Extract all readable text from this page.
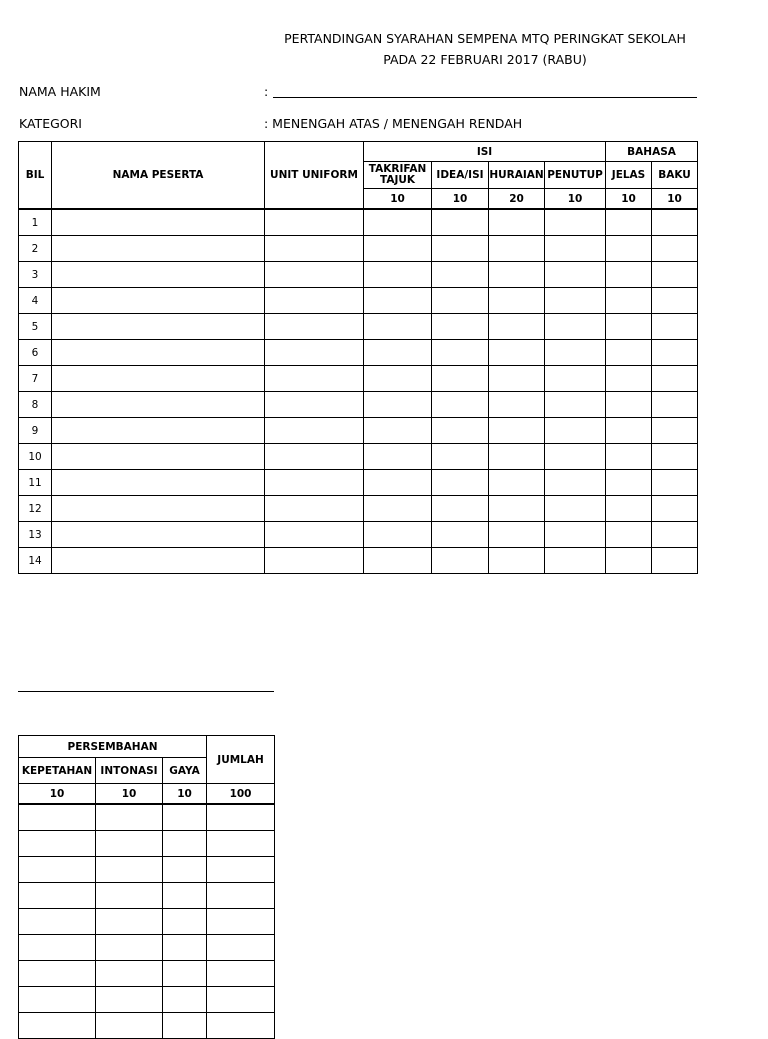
PERTANDINGAN SYARAHAN SEMPENA MTQ PERINGKAT SEKOLAH
PADA 22 FEBRUARI 2017 (RABU)
NAMA HAKIM	:
KATEGORI	: MENENGAH ATAS / MENENGAH RENDAH
BIL	NAMA PESERTA	UNIT UNIFORM	ISI				BAHASA	
			TAKRIFAN TAJUK	IDEA/ISI	HURAIAN	PENUTUP	JELAS	BAKU
			10	10	20	10	10	10
1								
2								
3								
4								
5								
6								
7								
8								
9								
10								
11								
12								
13								
14								
PERSEMBAHAN			JUMLAH
KEPETAHAN	INTONASI	GAYA	
10	10	10	100
